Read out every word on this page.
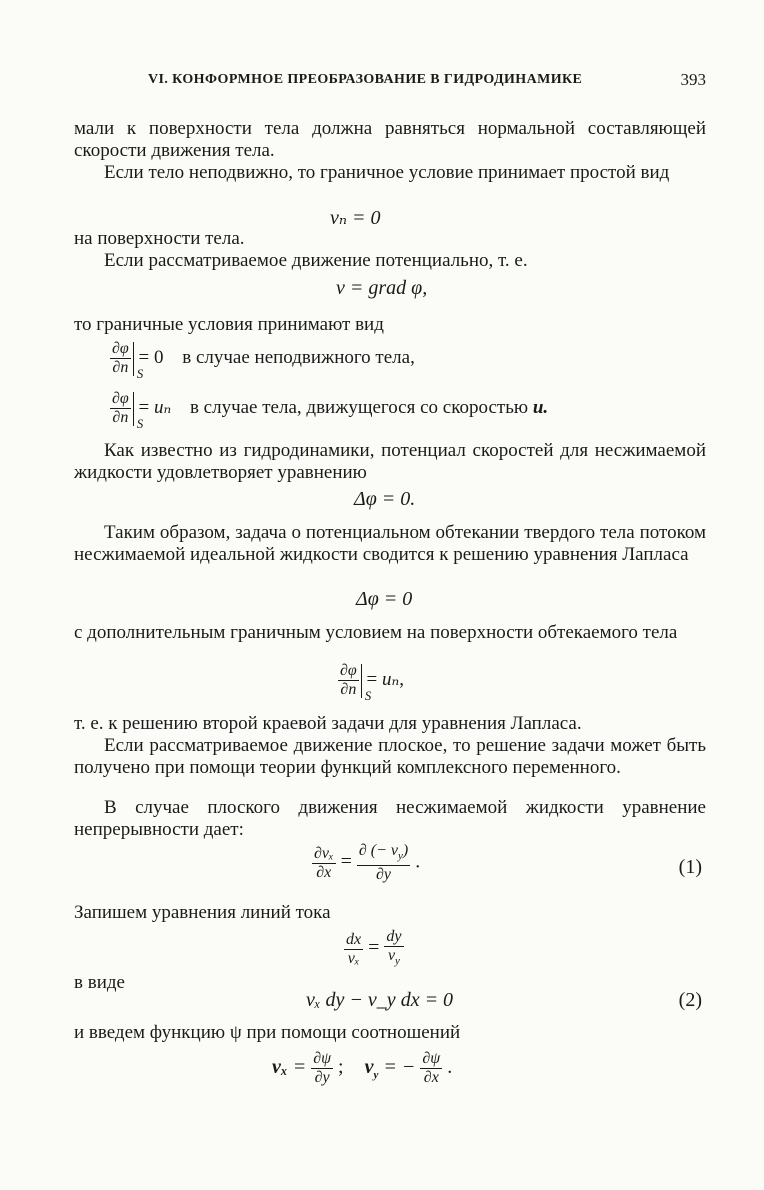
VI. КОНФОРМНОЕ ПРЕОБРАЗОВАНИЕ В ГИДРОДИНАМИКЕ	393
мали к поверхности тела должна равняться нормальной составляющей скорости движения тела.
Если тело неподвижно, то граничное условие принимает простой вид
vₙ = 0
на поверхности тела.
Если рассматриваемое движение потенциально, т. е.
v = grad φ,
то граничные условия принимают вид
$\frac{\partial\varphi}{\partial n}$ S
= 0 в случае неподвижного тела,
$\frac{\partial\varphi}{\partial n}$ S
= uₙ в случае тела, движущегося со скоростью u.
Как известно из гидродинамики, потенциал скоростей для несжимаемой жидкости удовлетворяет уравнению
Δφ = 0.
Таким образом, задача о потенциальном обтекании твердого тела потоком несжимаемой идеальной жидкости сводится к решению уравнения Лапласа
Δφ = 0
с дополнительным граничным условием на поверхности обтекаемого тела
$\frac{\partial\varphi}{\partial n}$ S
= uₙ,
т. е. к решению второй краевой задачи для уравнения Лапласа.
Если рассматриваемое движение плоское, то решение задачи может быть получено при помощи теории функций комплексного переменного.
В случае плоского движения несжимаемой жидкости уравнение непрерывности дает:
$\frac{\text{∂vₓ}}{\partial x} = \frac{\partial (- v_y)}{\partial y}$ .	(1)
Запишем уравнения линий тока
$\frac{dx}{\text{vₓ}} = \frac{dy}{v_y}$
в виде
vₓ dy − v_y dx = 0	(2)
и введем функцию ψ при помощи соотношений
$v_x = \frac{\partial\psi}{\partial y}$ ; $v_y$ = − $\frac{\partial\psi}{\partial x}$ .
